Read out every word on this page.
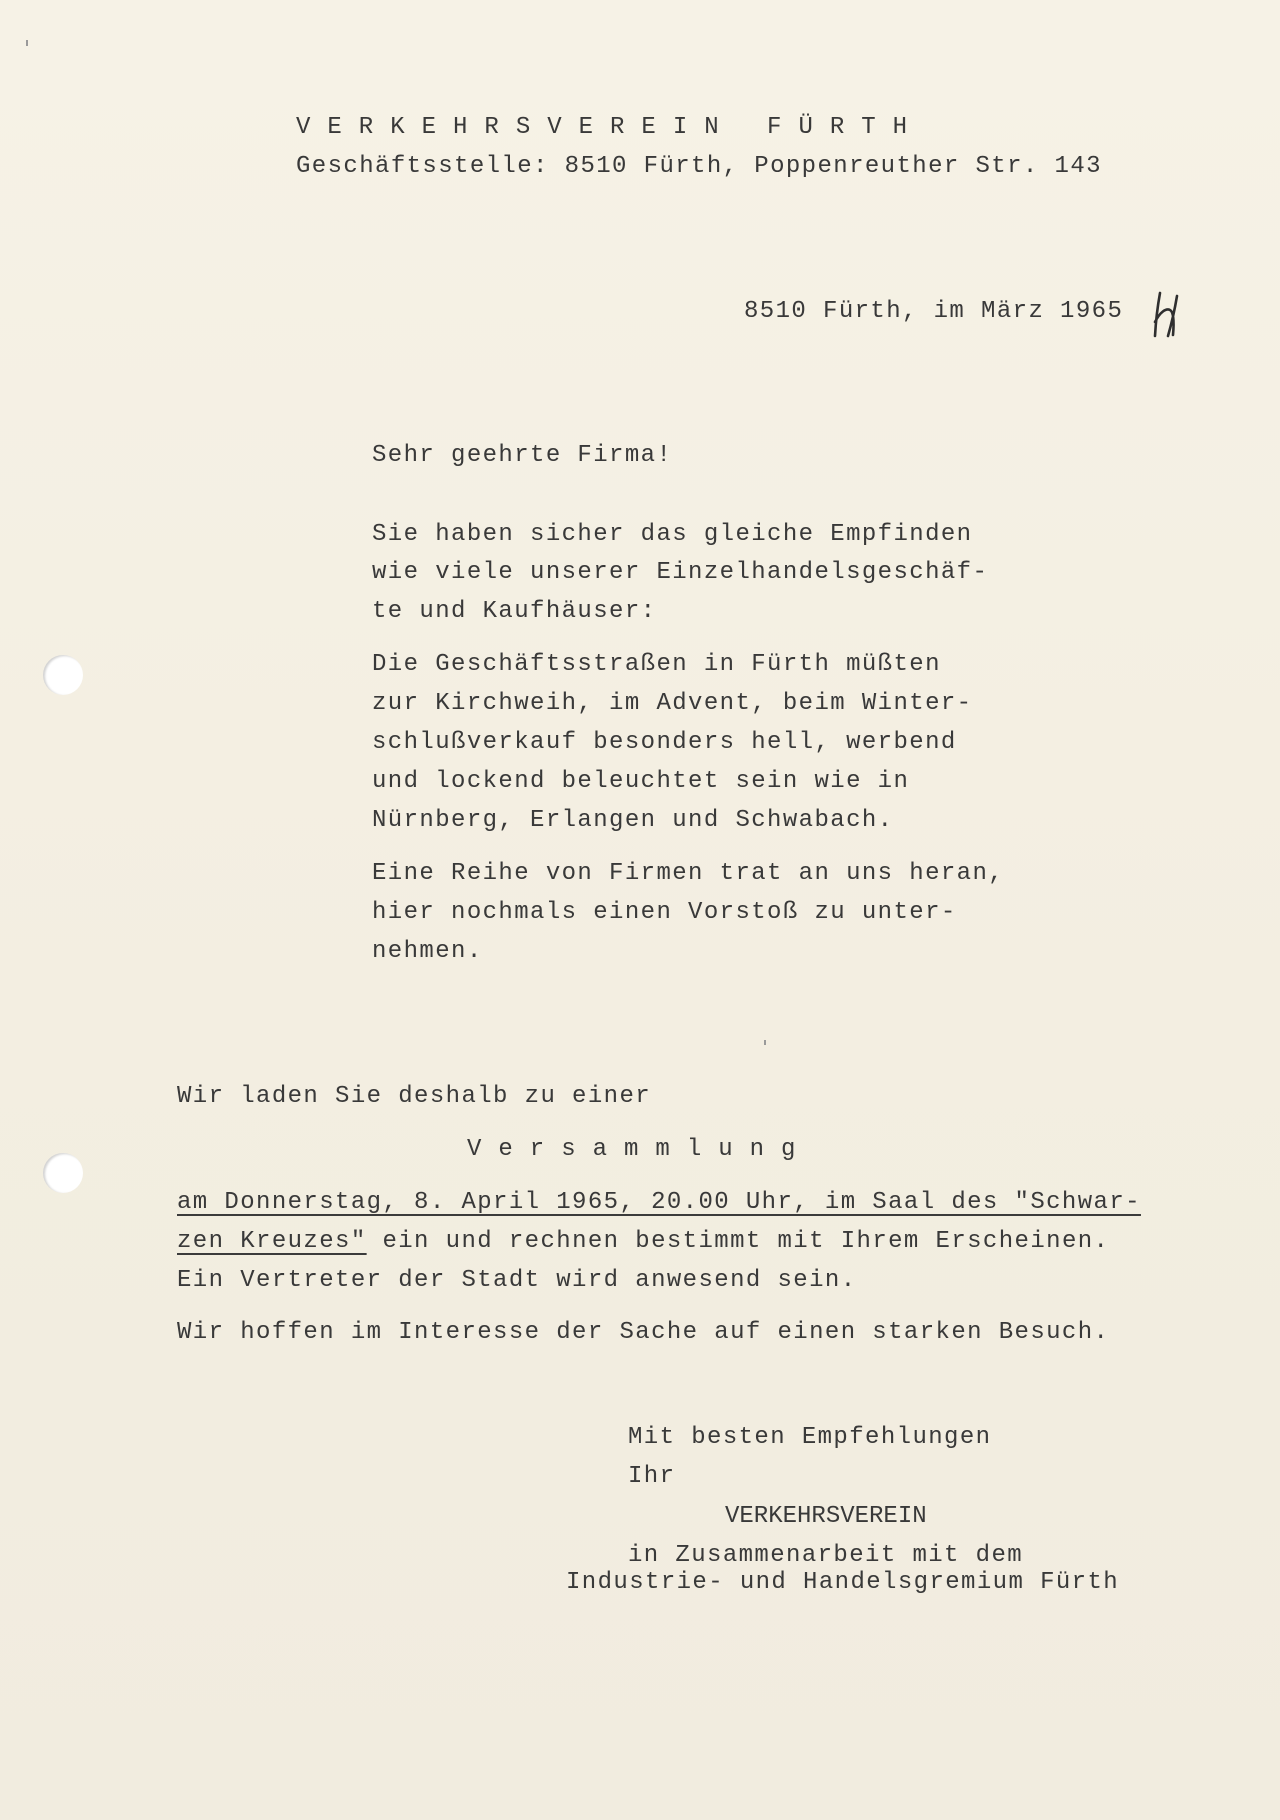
VERKEHRSVEREIN FÜRTH
Geschäftsstelle: 8510 Fürth, Poppenreuther Str. 143
8510 Fürth, im März 1965
Sehr geehrte Firma!
Sie haben sicher das gleiche Empfinden
wie viele unserer Einzelhandelsgeschäf-
te und Kaufhäuser:
Die Geschäftsstraßen in Fürth müßten
zur Kirchweih, im Advent, beim Winter-
schlußverkauf besonders hell, werbend
und lockend beleuchtet sein wie in
Nürnberg, Erlangen und Schwabach.
Eine Reihe von Firmen trat an uns heran,
hier nochmals einen Vorstoß zu unter-
nehmen.
Wir laden Sie deshalb zu einer
Versammlung
am Donnerstag, 8. April 1965, 20.00 Uhr, im Saal des "Schwar-
zen Kreuzes" ein und rechnen bestimmt mit Ihrem Erscheinen.
Ein Vertreter der Stadt wird anwesend sein.
Wir hoffen im Interesse der Sache auf einen starken Besuch.
Mit besten Empfehlungen
Ihr
VERKEHRSVEREIN
in Zusammenarbeit mit dem
Industrie- und Handelsgremium Fürth
